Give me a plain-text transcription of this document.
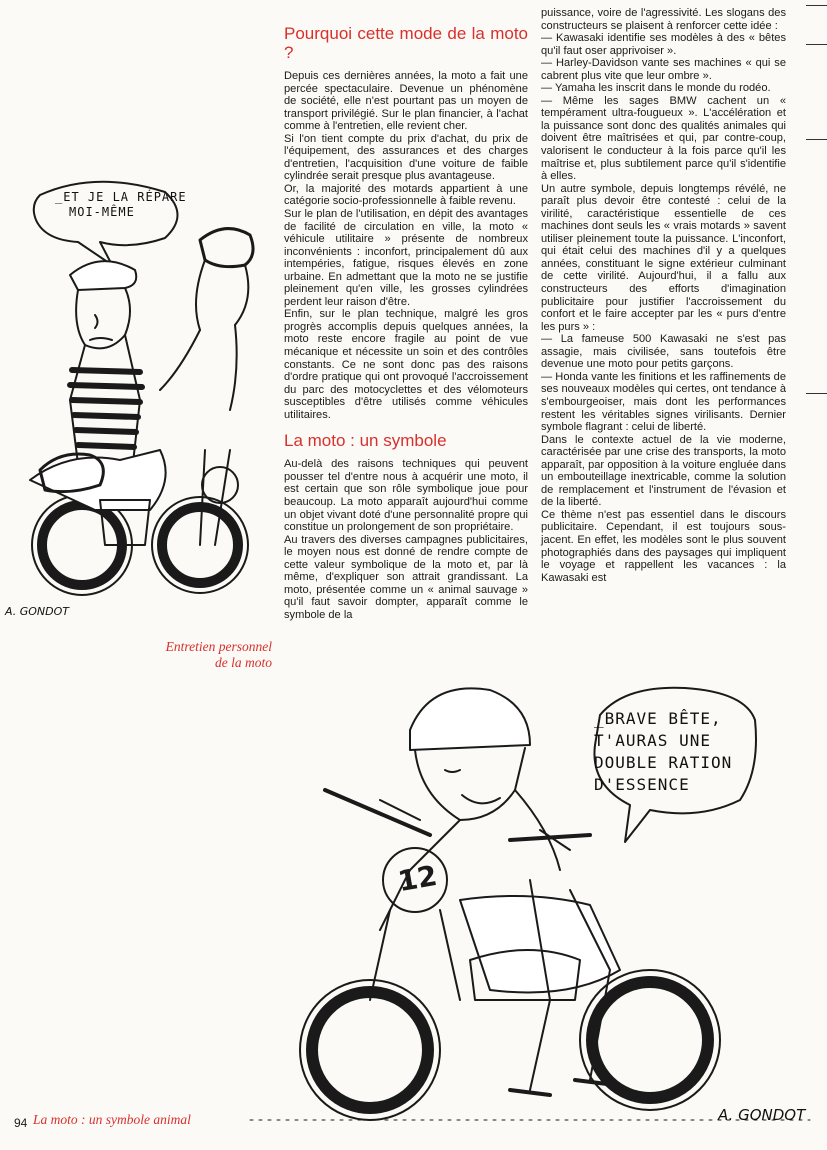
Pourquoi cette mode de la moto ?

Depuis ces dernières années, la moto a fait une percée spectaculaire. Devenue un phénomène de société, elle n'est pourtant pas un moyen de transport privilégié. Sur le plan financier, à l'achat comme à l'entretien, elle revient cher.

Si l'on tient compte du prix d'achat, du prix de l'équipement, des assurances et des charges d'entretien, l'acquisition d'une voiture de faible cylindrée serait presque plus avantageuse.

Or, la majorité des motards appartient à une catégorie socio-professionnelle à faible revenu.

Sur le plan de l'utilisation, en dépit des avantages de facilité de circulation en ville, la moto « véhicule utilitaire » présente de nombreux inconvénients : inconfort, principalement dû aux intempéries, fatigue, risques élevés en zone urbaine. En admettant que la moto ne se justifie pleinement qu'en ville, les grosses cylindrées perdent leur raison d'être.

Enfin, sur le plan technique, malgré les gros progrès accomplis depuis quelques années, la moto reste encore fragile au point de vue mécanique et nécessite un soin et des contrôles constants. Ce ne sont donc pas des raisons d'ordre pratique qui ont provoqué l'accroissement du parc des motocyclettes et des vélomoteurs susceptibles d'être utilisés comme véhicules utilitaires.

La moto : un symbole

Au-delà des raisons techniques qui peuvent pousser tel d'entre nous à acquérir une moto, il est certain que son rôle symbolique joue pour beaucoup. La moto apparaît aujourd'hui comme un objet vivant doté d'une personnalité propre qui constitue un prolongement de son propriétaire.

Au travers des diverses campagnes publicitaires, le moyen nous est donné de rendre compte de cette valeur symbolique de la moto et, par là même, d'expliquer son attrait grandissant. La moto, présentée comme un « animal sauvage » qu'il faut savoir dompter, apparaît comme le symbole de la

puissance, voire de l'agressivité. Les slogans des constructeurs se plaisent à renforcer cette idée :

— Kawasaki identifie ses modèles à des « bêtes qu'il faut oser apprivoiser ».

— Harley-Davidson vante ses machines « qui se cabrent plus vite que leur ombre ».

— Yamaha les inscrit dans le monde du rodéo.

— Même les sages BMW cachent un « tempérament ultra-fougueux ». L'accélération et la puissance sont donc des qualités animales qui doivent être maîtrisées et qui, par contre-coup, valorisent le conducteur à la fois parce qu'il les maîtrise et, plus subtilement parce qu'il s'identifie à elles.

Un autre symbole, depuis longtemps révélé, ne paraît plus devoir être contesté : celui de la virilité, caractéristique essentielle de ces machines dont seuls les « vrais motards » savent utiliser pleinement toute la puissance. L'inconfort, qui était celui des machines d'il y a quelques années, constituant le signe extérieur culminant de cette virilité. Aujourd'hui, il a fallu aux constructeurs des efforts d'imagination publicitaire pour justifier l'accroissement du confort et le faire accepter par les « purs d'entre les purs » :

— La fameuse 500 Kawasaki ne s'est pas assagie, mais civilisée, sans toutefois être devenue une moto pour petits garçons.

— Honda vante les finitions et les raffinements de ses nouveaux modèles qui certes, ont tendance à s'embourgeoiser, mais dont les performances restent les véritables signes virilisants. Dernier symbole flagrant : celui de liberté.

Dans le contexte actuel de la vie moderne, caractérisée par une crise des transports, la moto apparaît, par opposition à la voiture engluée dans un embouteillage inextricable, comme la solution de remplacement et l'instrument de l'évasion et de la liberté.

Ce thème n'est pas essentiel dans le discours publicitaire. Cependant, il est toujours sous-jacent. En effet, les modèles sont le plus souvent photographiés dans des paysages qui impliquent le voyage et rappellent les vacances : la Kawasaki est

_ET JE LA RÉPARE
MOI-MÊME
A. GONDOT
Entretien personnel
de la moto
_BRAVE BÊTE,
T'AURAS UNE
DOUBLE RATION
D'ESSENCE
12
A. GONDOT
94 La moto : un symbole animal
